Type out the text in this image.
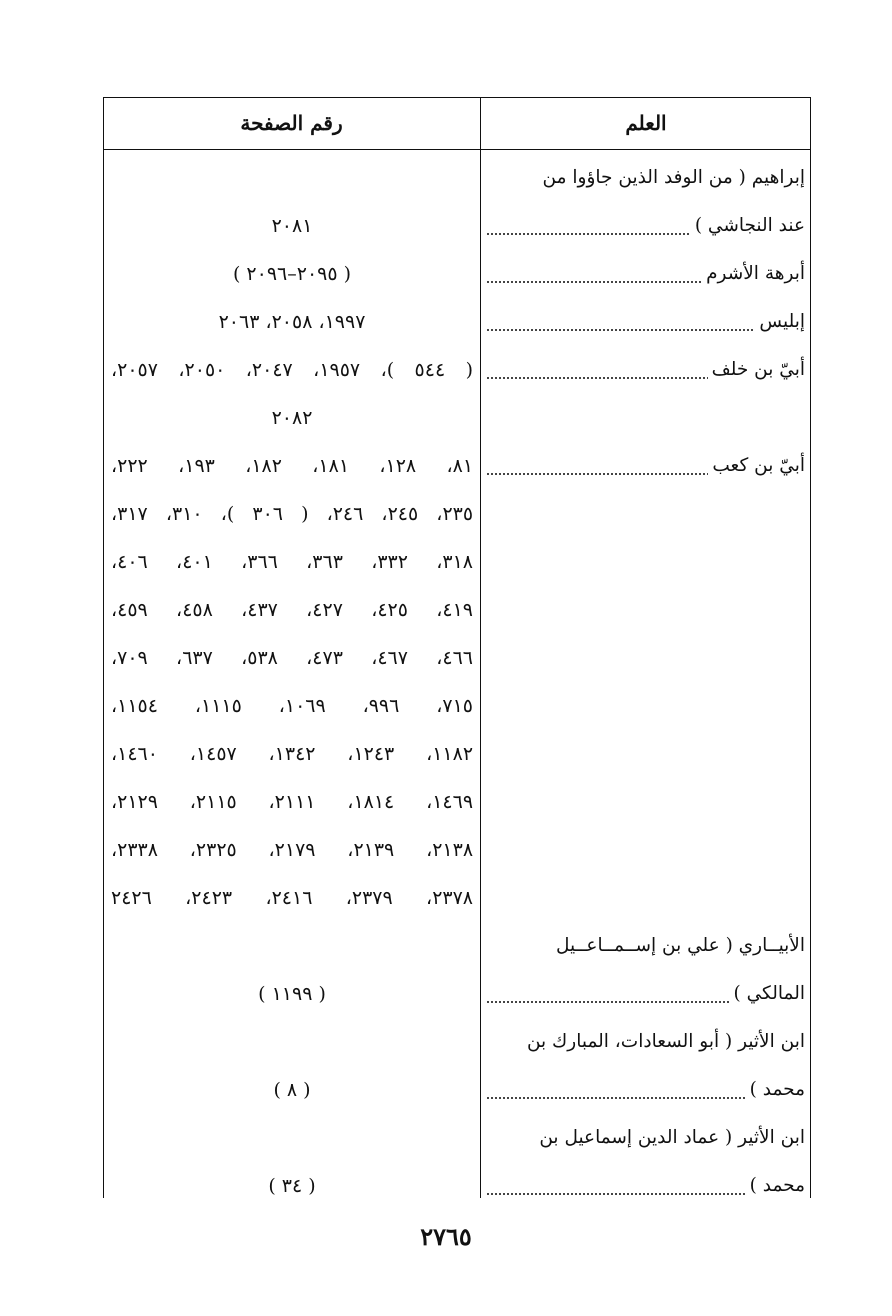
العلم
رقم الصفحة
إبراهيم ( من الوفد الذين جاؤوا من
عند النجاشي )
٢٠٨١
أبرهة الأشرم
( ٢٠٩٥–٢٠٩٦ )
إبليس
١٩٩٧، ٢٠٥٨، ٢٠٦٣
أبيّ بن خلف
( ٥٤٤ )، ١٩٥٧، ٢٠٤٧، ٢٠٥٠، ٢٠٥٧،
٢٠٨٢
أبيّ بن كعب
٨١، ١٢٨، ١٨١، ١٨٢، ١٩٣، ٢٢٢،
٢٣٥، ٢٤٥، ٢٤٦، ( ٣٠٦ )، ٣١٠، ٣١٧،
٣١٨، ٣٣٢، ٣٦٣، ٣٦٦، ٤٠١، ٤٠٦،
٤١٩، ٤٢٥، ٤٢٧، ٤٣٧، ٤٥٨، ٤٥٩،
٤٦٦، ٤٦٧، ٤٧٣، ٥٣٨، ٦٣٧، ٧٠٩،
٧١٥، ٩٩٦، ١٠٦٩، ١١١٥، ١١٥٤،
١١٨٢، ١٢٤٣، ١٣٤٢، ١٤٥٧، ١٤٦٠،
١٤٦٩، ١٨١٤، ٢١١١، ٢١١٥، ٢١٢٩،
٢١٣٨، ٢١٣٩، ٢١٧٩، ٢٣٢٥، ٢٣٣٨،
٢٣٧٨، ٢٣٧٩، ٢٤١٦، ٢٤٢٣، ٢٤٢٦
الأبيــاري ( علي بن إســمــاعــيل
المالكي )
( ١١٩٩ )
ابن الأثير ( أبو السعادات، المبارك بن
محمد )
( ٨ )
ابن الأثير ( عماد الدين إسماعيل بن
محمد )
( ٣٤ )
٢٧٦٥
